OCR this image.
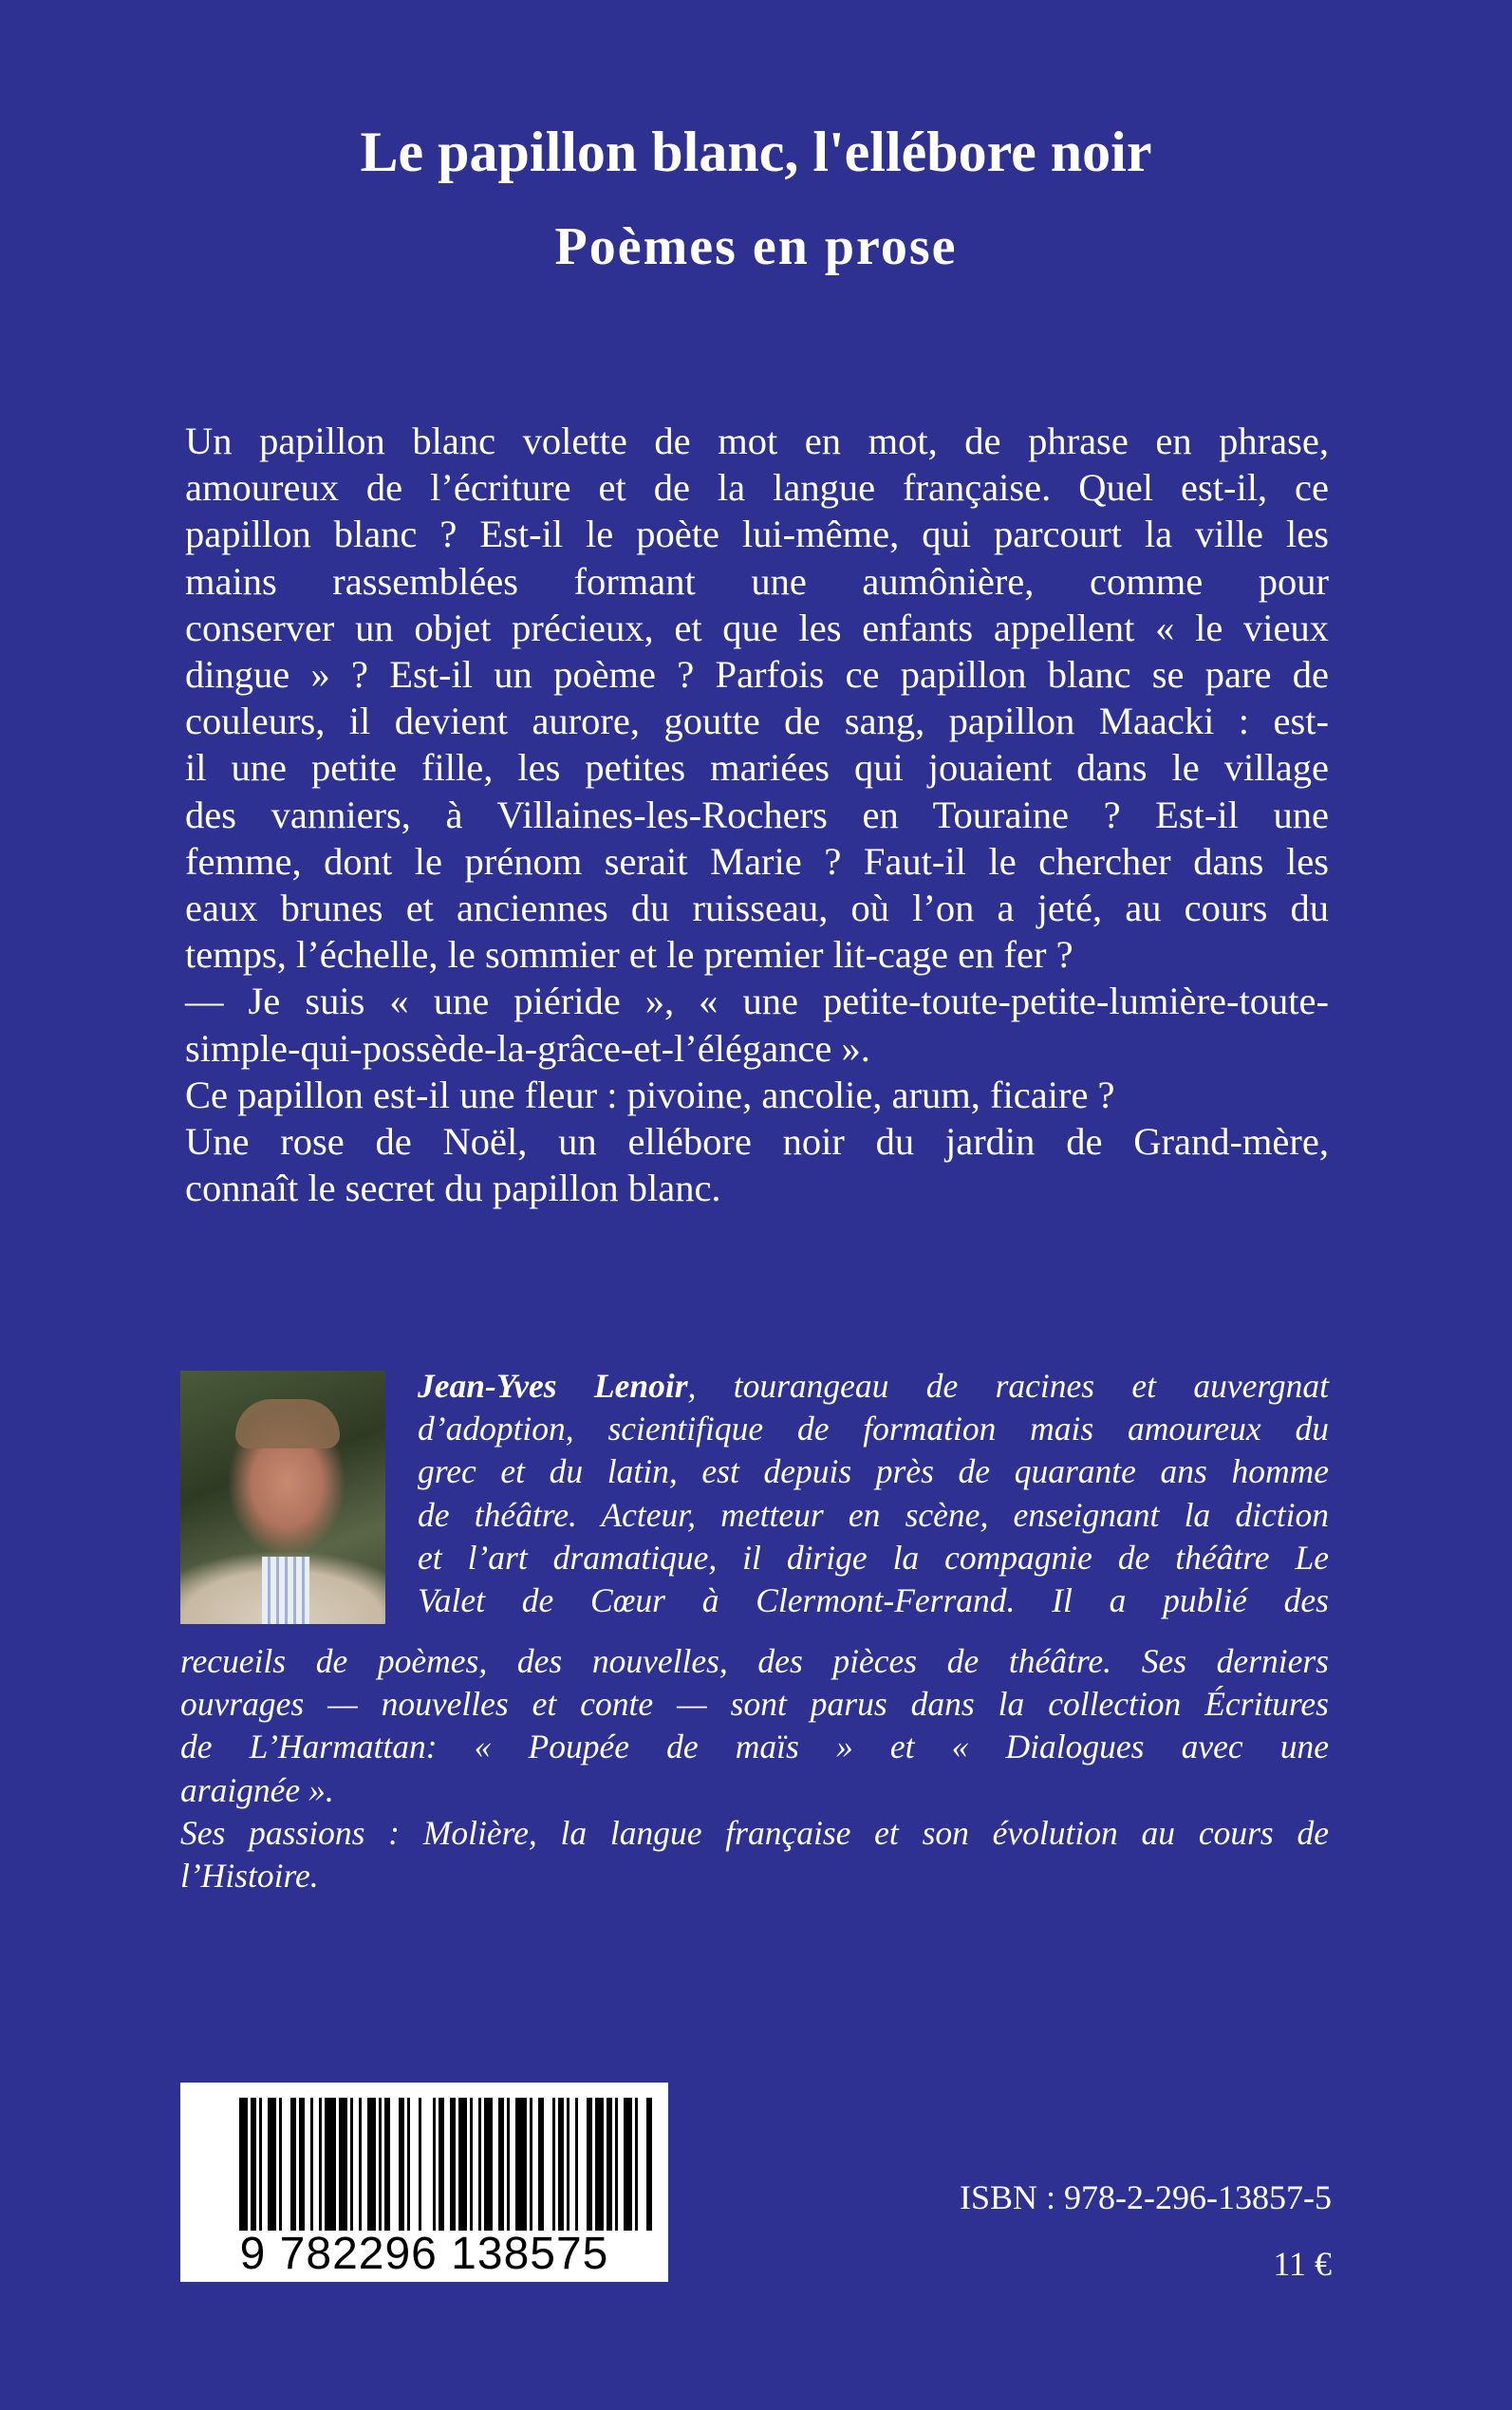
Le papillon blanc, l'ellébore noir
Poèmes en prose
Un papillon blanc volette de mot en mot, de phrase en phrase,
amoureux de l’écriture et de la langue française. Quel est-il, ce
papillon blanc ? Est-il le poète lui-même, qui parcourt la ville les
mains rassemblées formant une aumônière, comme pour
conserver un objet précieux, et que les enfants appellent « le vieux
dingue » ? Est-il un poème ? Parfois ce papillon blanc se pare de
couleurs, il devient aurore, goutte de sang, papillon Maacki : est-
il une petite fille, les petites mariées qui jouaient dans le village
des vanniers, à Villaines-les-Rochers en Touraine ? Est-il une
femme, dont le prénom serait Marie ? Faut-il le chercher dans les
eaux brunes et anciennes du ruisseau, où l’on a jeté, au cours du
temps, l’échelle, le sommier et le premier lit-cage en fer ?
— Je suis « une piéride », « une petite-toute-petite-lumière-toute-
simple-qui-possède-la-grâce-et-l’élégance ».
Ce papillon est-il une fleur : pivoine, ancolie, arum, ficaire ?
Une rose de Noël, un ellébore noir du jardin de Grand-mère,
connaît le secret du papillon blanc.
Jean-Yves Lenoir, tourangeau de racines et auvergnat
d’adoption, scientifique de formation mais amoureux du
grec et du latin, est depuis près de quarante ans homme
de théâtre. Acteur, metteur en scène, enseignant la diction
et l’art dramatique, il dirige la compagnie de théâtre Le
Valet de Cœur à Clermont-Ferrand. Il a publié des
recueils de poèmes, des nouvelles, des pièces de théâtre. Ses derniers
ouvrages — nouvelles et conte — sont parus dans la collection Écritures
de L’Harmattan: « Poupée de maïs » et « Dialogues avec une
araignée ».
Ses passions : Molière, la langue française et son évolution au cours de
l’Histoire.
9 782296 138575

ISBN : 978-2-296-13857-5

11 €
